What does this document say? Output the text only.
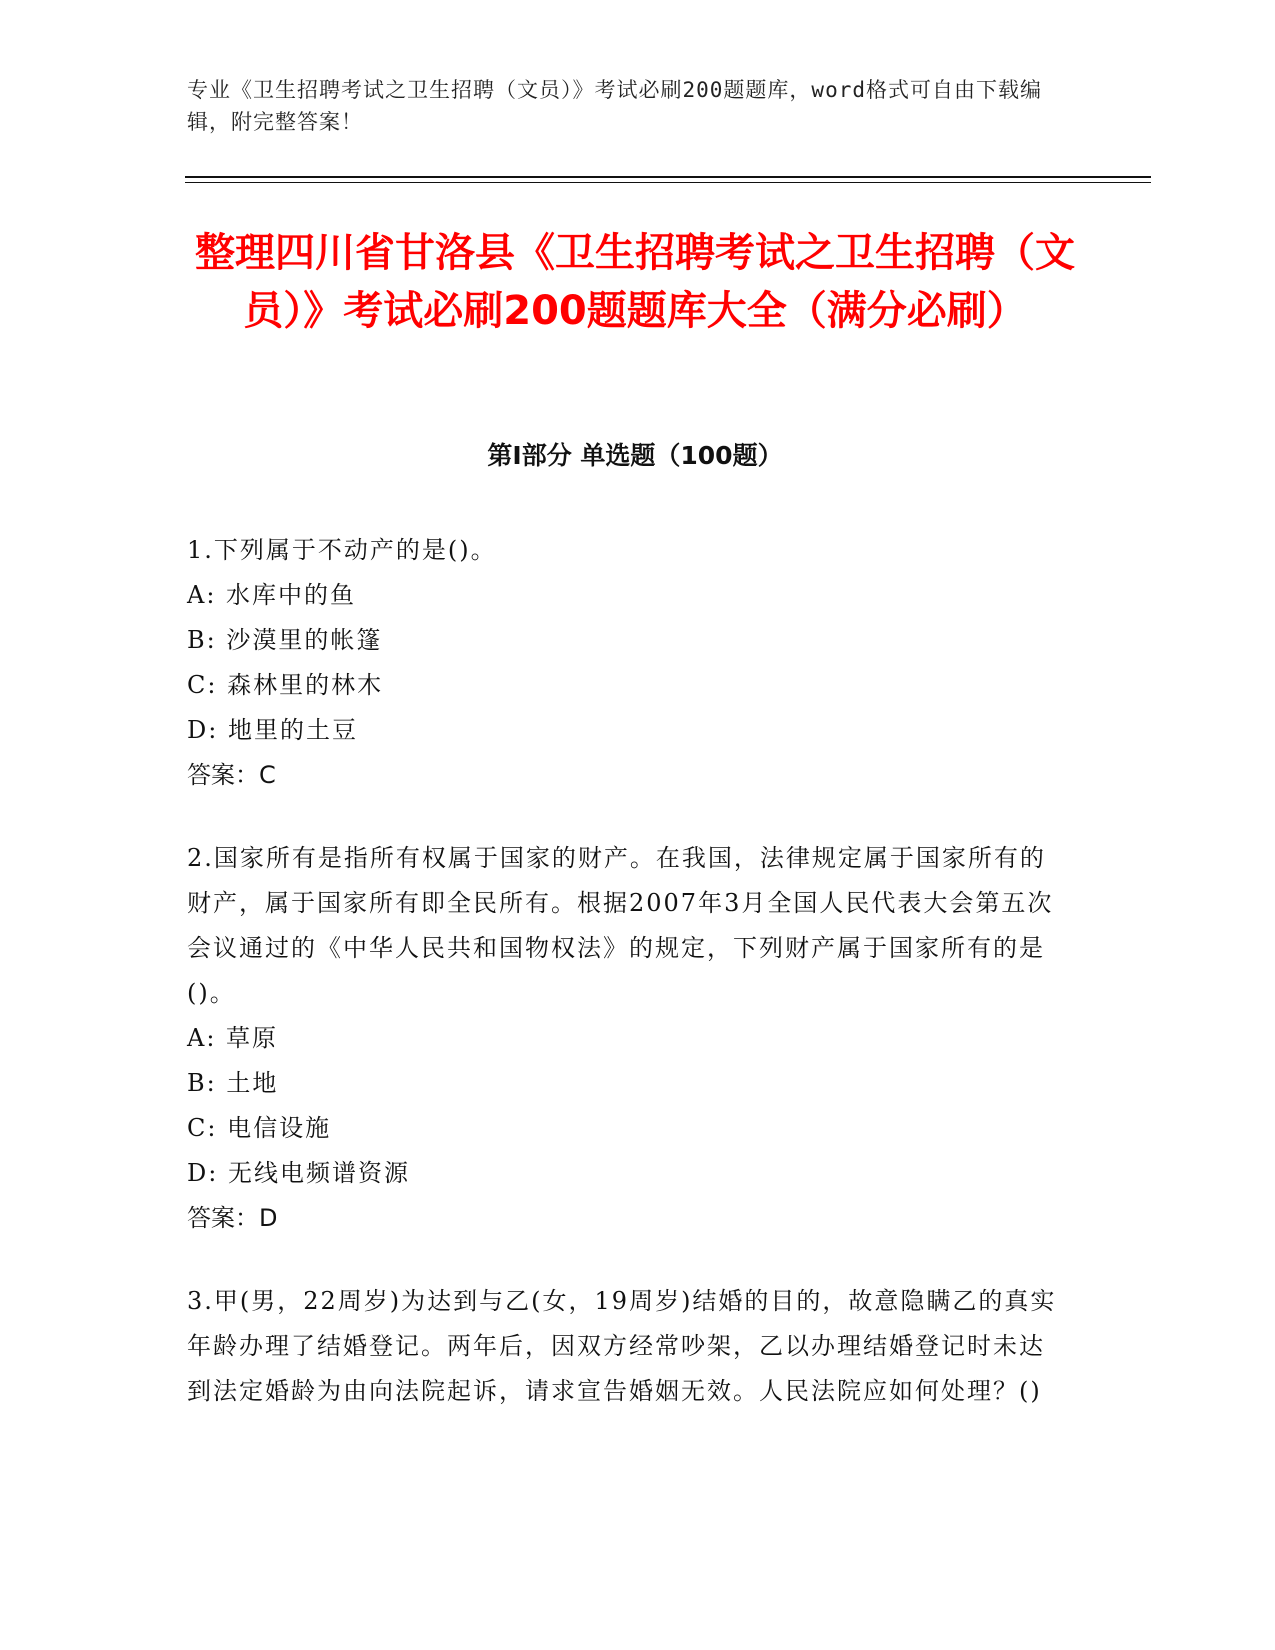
专业《卫生招聘考试之卫生招聘（文员）》考试必刷200题题库，word格式可自由下载编辑，附完整答案！
整理四川省甘洛县《卫生招聘考试之卫生招聘（文员）》考试必刷200题题库大全（满分必刷）
第I部分 单选题（100题）
1.下列属于不动产的是()。
A: 水库中的鱼
B: 沙漠里的帐篷
C: 森林里的林木
D: 地里的土豆
答案：C
2.国家所有是指所有权属于国家的财产。在我国，法律规定属于国家所有的财产，属于国家所有即全民所有。根据2007年3月全国人民代表大会第五次会议通过的《中华人民共和国物权法》的规定，下列财产属于国家所有的是()。
A: 草原
B: 土地
C: 电信设施
D: 无线电频谱资源
答案：D
3.甲(男，22周岁)为达到与乙(女，19周岁)结婚的目的，故意隐瞒乙的真实年龄办理了结婚登记。两年后，因双方经常吵架，乙以办理结婚登记时未达到法定婚龄为由向法院起诉，请求宣告婚姻无效。人民法院应如何处理？()
